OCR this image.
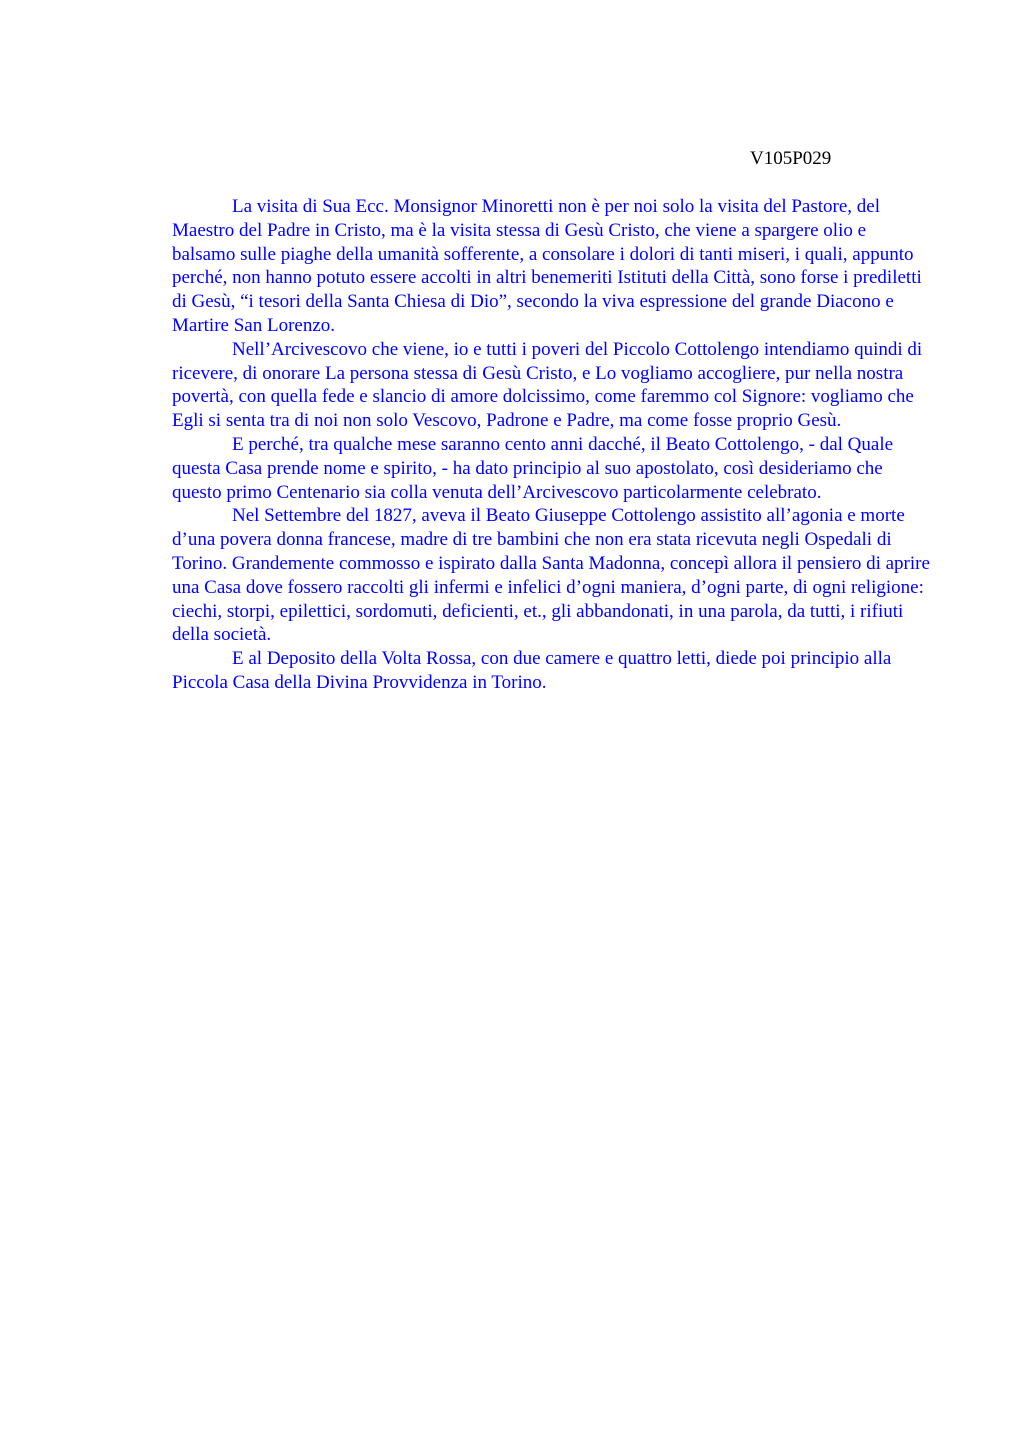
V105P029

La visita di Sua Ecc. Monsignor Minoretti non è per noi solo la visita del Pastore, del Maestro del Padre in Cristo, ma è la visita stessa di Gesù Cristo, che viene a spargere olio e balsamo sulle piaghe della umanità sofferente, a consolare i dolori di tanti miseri, i quali, appunto perché, non hanno potuto essere accolti in altri benemeriti Istituti della Città, sono forse i prediletti di Gesù, “i tesori della Santa Chiesa di Dio”, secondo la viva espressione del grande Diacono e Martire San Lorenzo.

Nell’Arcivescovo che viene, io e tutti i poveri del Piccolo Cottolengo intendiamo quindi di ricevere, di onorare La persona stessa di Gesù Cristo, e Lo vogliamo accogliere, pur nella nostra povertà, con quella fede e slancio di amore dolcissimo, come faremmo col Signore: vogliamo che Egli si senta tra di noi non solo Vescovo, Padrone e Padre, ma come fosse proprio Gesù.

E perché, tra qualche mese saranno cento anni dacché, il Beato Cottolengo, - dal Quale questa Casa prende nome e spirito, - ha dato principio al suo apostolato, così desideriamo che questo primo Centenario sia colla venuta dell’Arcivescovo particolarmente celebrato.

Nel Settembre del 1827, aveva il Beato Giuseppe Cottolengo assistito all’agonia e morte d’una povera donna francese, madre di tre bambini che non era stata ricevuta negli Ospedali di Torino. Grandemente commosso e ispirato dalla Santa Madonna, concepì allora il pensiero di aprire una Casa dove fossero raccolti gli infermi e infelici d’ogni maniera, d’ogni parte, di ogni religione: ciechi, storpi, epilettici, sordomuti, deficienti, et., gli abbandonati, in una parola, da tutti, i rifiuti della società.

E al Deposito della Volta Rossa, con due camere e quattro letti, diede poi principio alla Piccola Casa della Divina Provvidenza in Torino.
